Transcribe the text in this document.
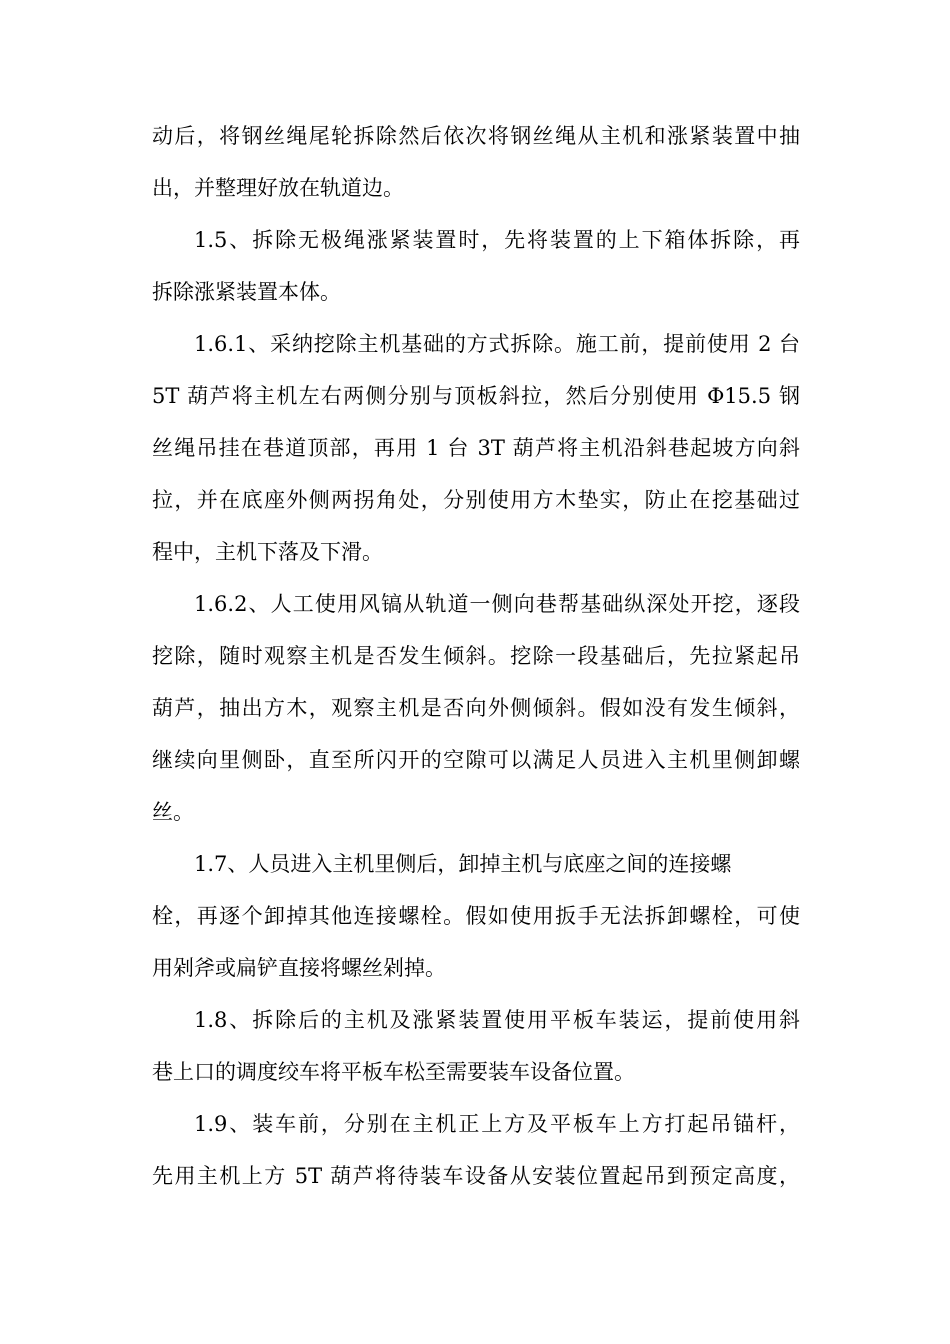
动后，将钢丝绳尾轮拆除然后依次将钢丝绳从主机和涨紧装置中抽
出，并整理好放在轨道边。
1.5、拆除无极绳涨紧装置时，先将装置的上下箱体拆除，再
拆除涨紧装置本体。
1.6.1、采纳挖除主机基础的方式拆除。施工前，提前使用 2 台
5T 葫芦将主机左右两侧分别与顶板斜拉，然后分别使用 Φ15.5 钢
丝绳吊挂在巷道顶部，再用 1 台 3T 葫芦将主机沿斜巷起坡方向斜
拉，并在底座外侧两拐角处，分别使用方木垫实，防止在挖基础过
程中，主机下落及下滑。
1.6.2、人工使用风镐从轨道一侧向巷帮基础纵深处开挖，逐段
挖除，随时观察主机是否发生倾斜。挖除一段基础后，先拉紧起吊
葫芦，抽出方木，观察主机是否向外侧倾斜。假如没有发生倾斜，
继续向里侧卧，直至所闪开的空隙可以满足人员进入主机里侧卸螺
丝。
1.7、人员进入主机里侧后，卸掉主机与底座之间的连接螺
栓，再逐个卸掉其他连接螺栓。假如使用扳手无法拆卸螺栓，可使
用剁斧或扁铲直接将螺丝剁掉。
1.8、拆除后的主机及涨紧装置使用平板车装运，提前使用斜
巷上口的调度绞车将平板车松至需要装车设备位置。
1.9、装车前，分别在主机正上方及平板车上方打起吊锚杆，
先用主机上方 5T 葫芦将待装车设备从安装位置起吊到预定高度，
